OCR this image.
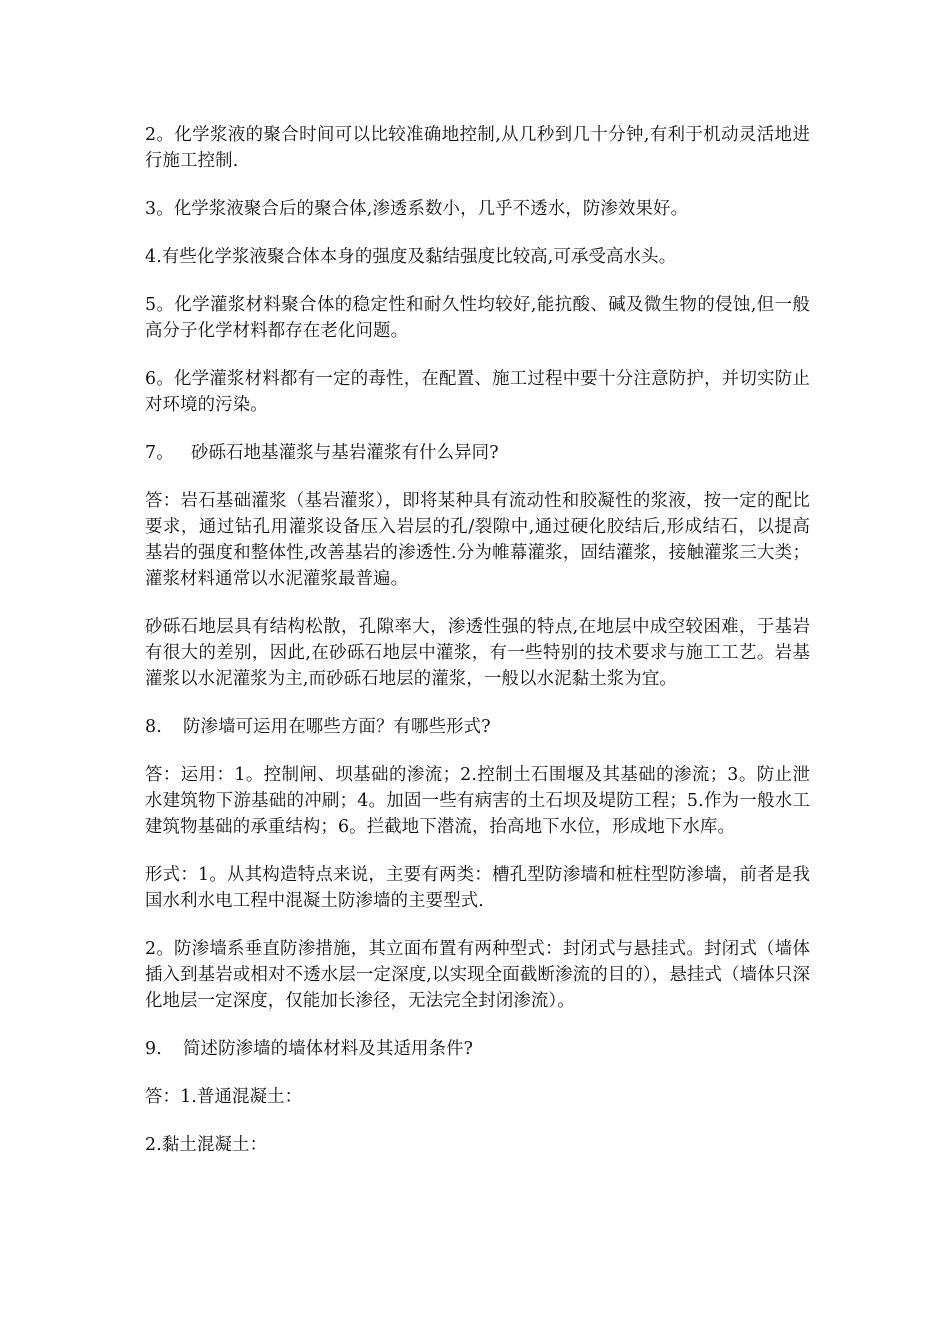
2。化学浆液的聚合时间可以比较准确地控制,从几秒到几十分钟,有利于机动灵活地进行施工控制.

3。化学浆液聚合后的聚合体,渗透系数小，几乎不透水，防渗效果好。

4.有些化学浆液聚合体本身的强度及黏结强度比较高,可承受高水头。

5。化学灌浆材料聚合体的稳定性和耐久性均较好,能抗酸、碱及微生物的侵蚀,但一般高分子化学材料都存在老化问题。

6。化学灌浆材料都有一定的毒性，在配置、施工过程中要十分注意防护，并切实防止对环境的污染。

7。 砂砾石地基灌浆与基岩灌浆有什么异同?

答：岩石基础灌浆（基岩灌浆），即将某种具有流动性和胶凝性的浆液，按一定的配比要求，通过钻孔用灌浆设备压入岩层的孔/裂隙中,通过硬化胶结后,形成结石，以提高基岩的强度和整体性,改善基岩的渗透性.分为帷幕灌浆，固结灌浆，接触灌浆三大类；灌浆材料通常以水泥灌浆最普遍。

砂砾石地层具有结构松散，孔隙率大，渗透性强的特点,在地层中成空较困难，于基岩有很大的差别，因此,在砂砾石地层中灌浆，有一些特别的技术要求与施工工艺。岩基灌浆以水泥灌浆为主,而砂砾石地层的灌浆，一般以水泥黏土浆为宜。

8. 防渗墙可运用在哪些方面？有哪些形式?

答：运用：1。控制闸、坝基础的渗流；2.控制土石围堰及其基础的渗流；3。防止泄水建筑物下游基础的冲刷；4。加固一些有病害的土石坝及堤防工程；5.作为一般水工建筑物基础的承重结构；6。拦截地下潜流，抬高地下水位，形成地下水库。

形式：1。从其构造特点来说，主要有两类：槽孔型防渗墙和桩柱型防渗墙，前者是我国水利水电工程中混凝土防渗墙的主要型式.

2。防渗墙系垂直防渗措施，其立面布置有两种型式：封闭式与悬挂式。封闭式（墙体插入到基岩或相对不透水层一定深度,以实现全面截断渗流的目的），悬挂式（墙体只深化地层一定深度，仅能加长渗径，无法完全封闭渗流）。

9. 简述防渗墙的墙体材料及其适用条件?

答：1.普通混凝土：

2.黏土混凝土：
